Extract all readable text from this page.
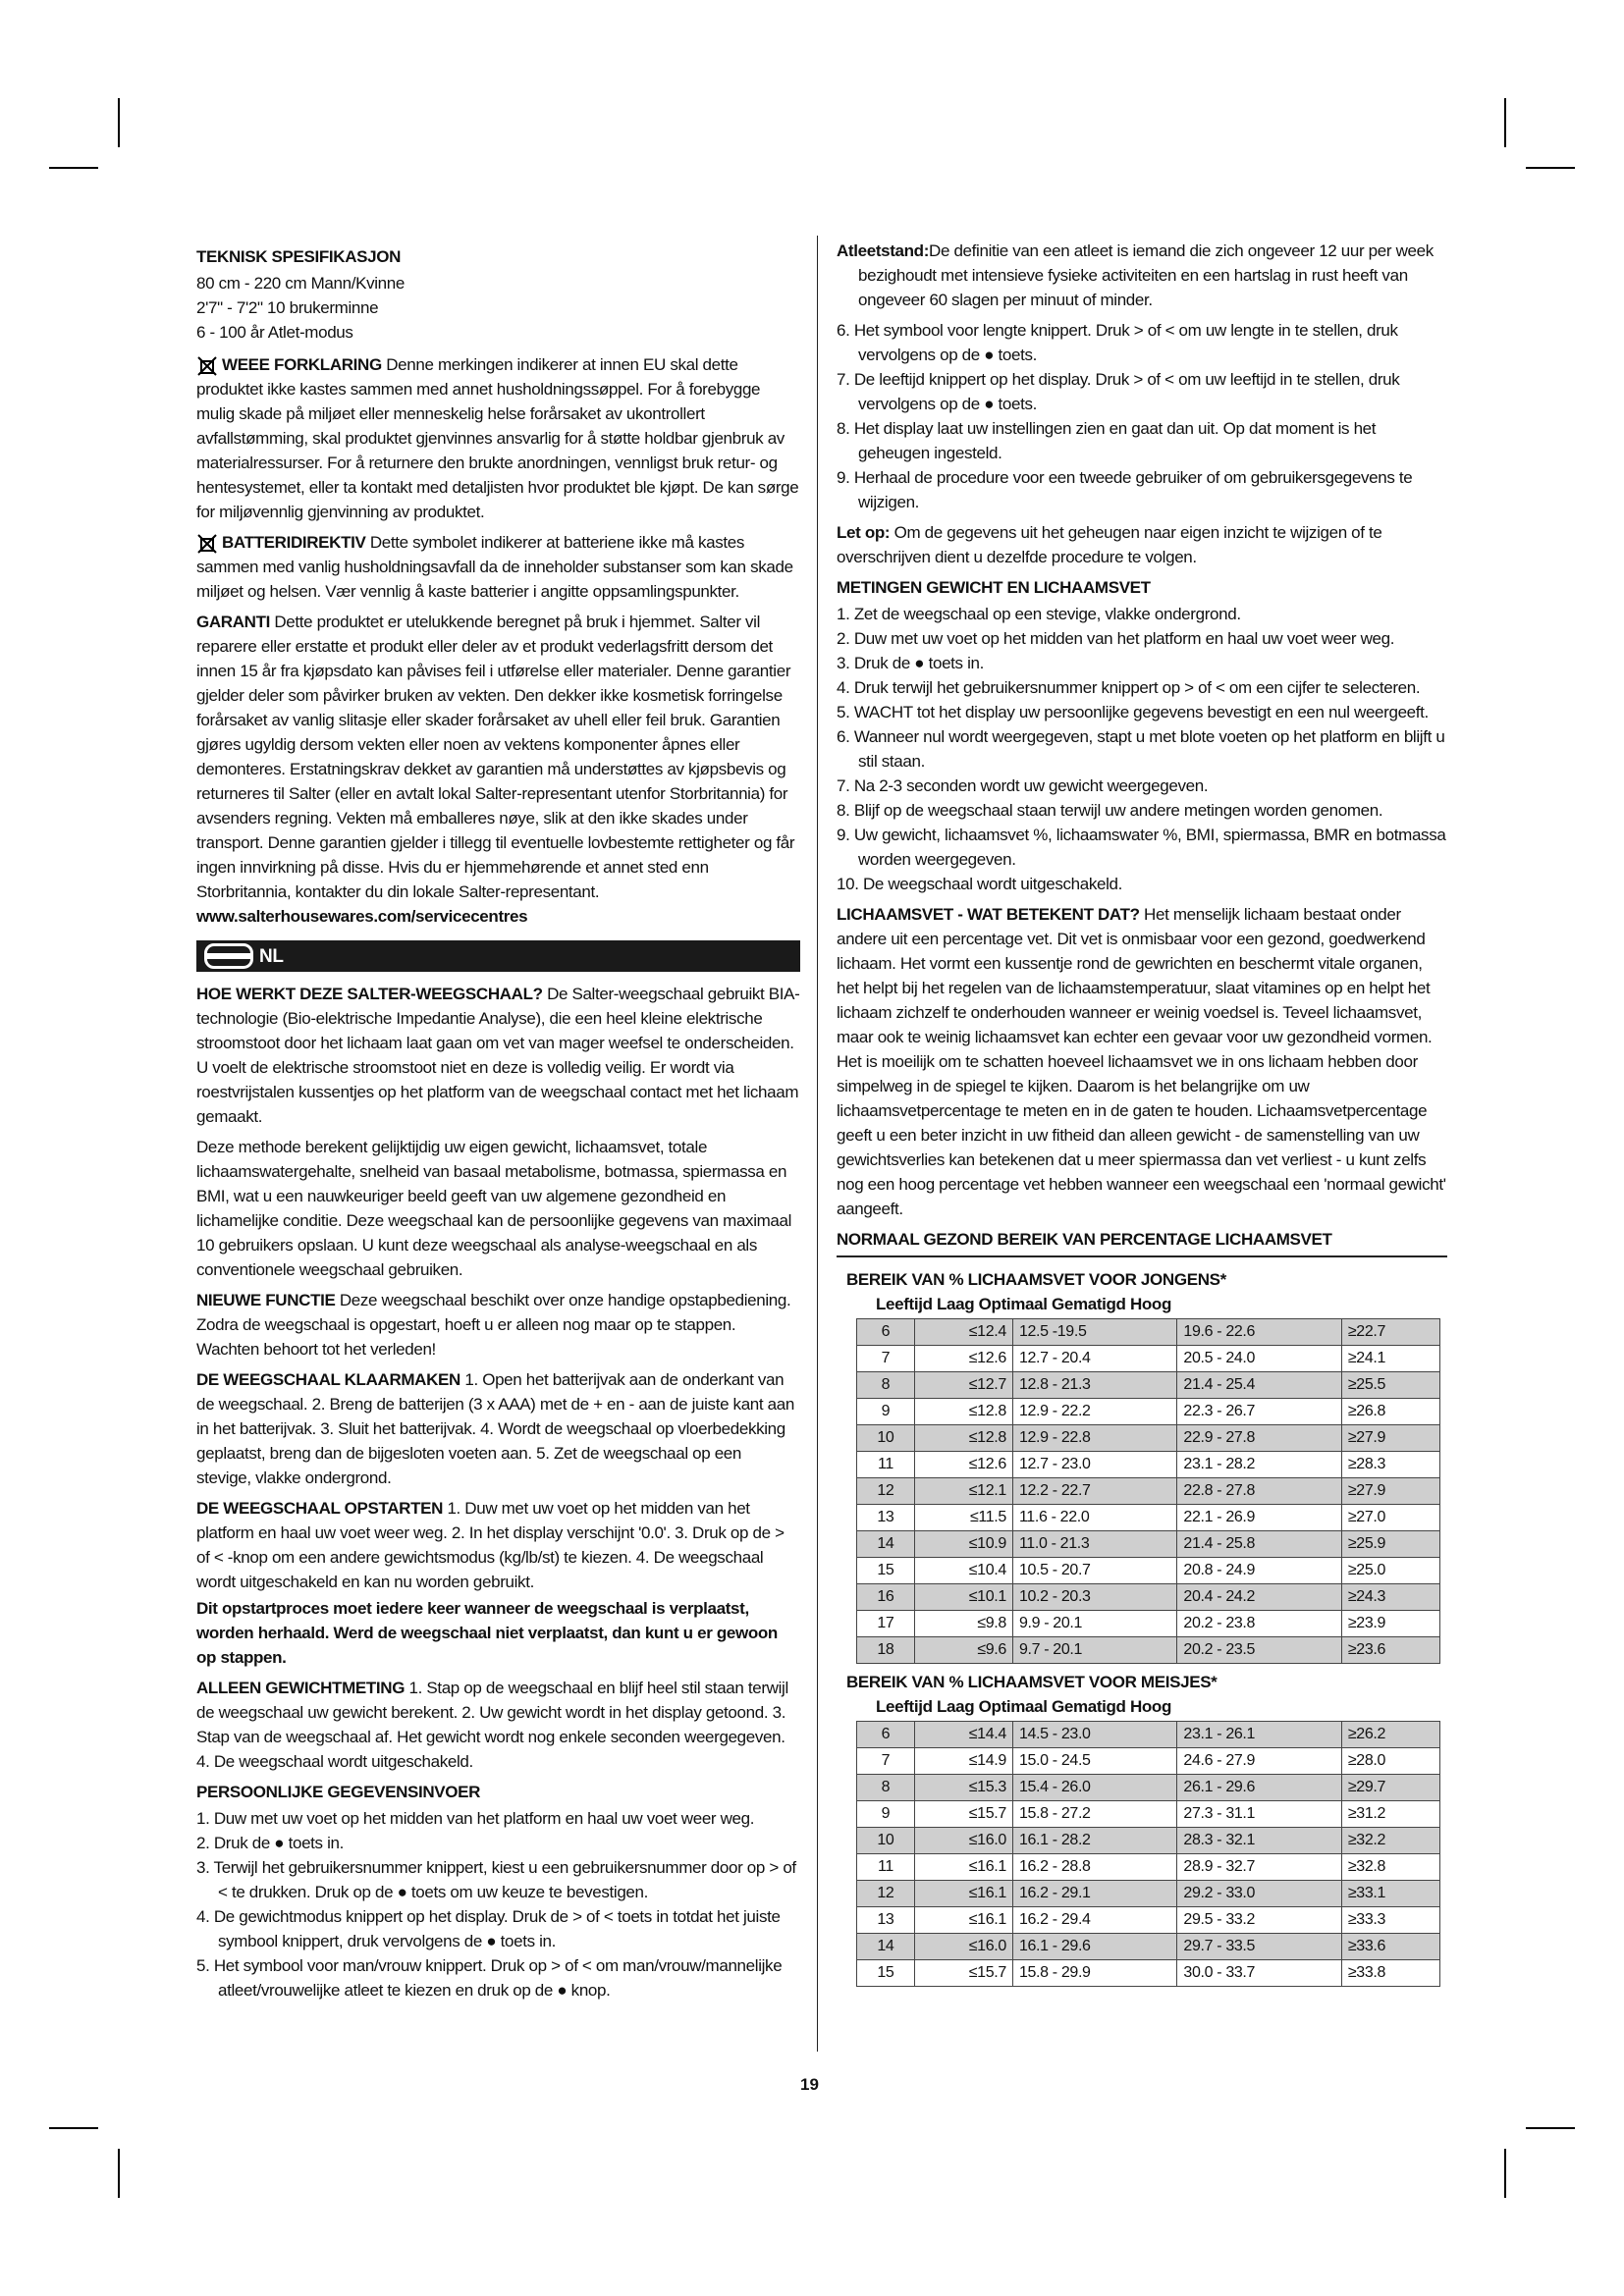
TEKNISK SPESIFIKASJON
80 cm - 220 cm Mann/Kvinne
2'7" - 7'2" 10 brukerminne
6 - 100 år Atlet-modus

WEEE FORKLARING Denne merkingen indikerer at innen EU skal dette produktet ikke kastes sammen med annet husholdningssøppel. For å forebygge mulig skade på miljøet eller menneskelig helse forårsaket av ukontrollert avfallstømming, skal produktet gjenvinnes ansvarlig for å støtte holdbar gjenbruk av materialressurser. For å returnere den brukte anordningen, vennligst bruk retur- og hentesystemet, eller ta kontakt med detaljisten hvor produktet ble kjøpt. De kan sørge for miljøvennlig gjenvinning av produktet.

BATTERIDIREKTIV Dette symbolet indikerer at batteriene ikke må kastes sammen med vanlig husholdningsavfall da de inneholder substanser som kan skade miljøet og helsen. Vær vennlig å kaste batterier i angitte oppsamlingspunkter.

GARANTI Dette produktet er utelukkende beregnet på bruk i hjemmet. Salter vil reparere eller erstatte et produkt eller deler av et produkt vederlagsfritt dersom det innen 15 år fra kjøpsdato kan påvises feil i utførelse eller materialer. Denne garantier gjelder deler som påvirker bruken av vekten. Den dekker ikke kosmetisk forringelse forårsaket av vanlig slitasje eller skader forårsaket av uhell eller feil bruk. Garantien gjøres ugyldig dersom vekten eller noen av vektens komponenter åpnes eller demonteres. Erstatningskrav dekket av garantien må understøttes av kjøpsbevis og returneres til Salter (eller en avtalt lokal Salter-representant utenfor Storbritannia) for avsenders regning. Vekten må emballeres nøye, slik at den ikke skades under transport. Denne garantien gjelder i tillegg til eventuelle lovbestemte rettigheter og får ingen innvirkning på disse. Hvis du er hjemmehørende et annet sted enn Storbritannia, kontakter du din lokale Salter-representant.
www.salterhousewares.com/servicecentres

NL

HOE WERKT DEZE SALTER-WEEGSCHAAL? De Salter-weegschaal gebruikt BIA-technologie (Bio-elektrische Impedantie Analyse), die een heel kleine elektrische stroomstoot door het lichaam laat gaan om vet van mager weefsel te onderscheiden. U voelt de elektrische stroomstoot niet en deze is volledig veilig. Er wordt via roestvrijstalen kussentjes op het platform van de weegschaal contact met het lichaam gemaakt.

Deze methode berekent gelijktijdig uw eigen gewicht, lichaamsvet, totale lichaamswatergehalte, snelheid van basaal metabolisme, botmassa, spiermassa en BMI, wat u een nauwkeuriger beeld geeft van uw algemene gezondheid en lichamelijke conditie. Deze weegschaal kan de persoonlijke gegevens van maximaal 10 gebruikers opslaan. U kunt deze weegschaal als analyse-weegschaal en als conventionele weegschaal gebruiken.

NIEUWE FUNCTIE Deze weegschaal beschikt over onze handige opstapbediening. Zodra de weegschaal is opgestart, hoeft u er alleen nog maar op te stappen. Wachten behoort tot het verleden!

DE WEEGSCHAAL KLAARMAKEN 1. Open het batterijvak aan de onderkant van de weegschaal. 2. Breng de batterijen (3 x AAA) met de + en - aan de juiste kant aan in het batterijvak. 3. Sluit het batterijvak. 4. Wordt de weegschaal op vloerbedekking geplaatst, breng dan de bijgesloten voeten aan. 5. Zet de weegschaal op een stevige, vlakke ondergrond.

DE WEEGSCHAAL OPSTARTEN 1. Duw met uw voet op het midden van het platform en haal uw voet weer weg. 2. In het display verschijnt '0.0'. 3. Druk op de > of < -knop om een andere gewichtsmodus (kg/lb/st) te kiezen. 4. De weegschaal wordt uitgeschakeld en kan nu worden gebruikt.

Dit opstartproces moet iedere keer wanneer de weegschaal is verplaatst, worden herhaald. Werd de weegschaal niet verplaatst, dan kunt u er gewoon op stappen.

ALLEEN GEWICHTMETING 1. Stap op de weegschaal en blijf heel stil staan terwijl de weegschaal uw gewicht berekent. 2. Uw gewicht wordt in het display getoond. 3. Stap van de weegschaal af. Het gewicht wordt nog enkele seconden weergegeven. 4. De weegschaal wordt uitgeschakeld.

PERSOONLIJKE GEGEVENSINVOER
1. Duw met uw voet op het midden van het platform en haal uw voet weer weg.
2. Druk de ● toets in.
3. Terwijl het gebruikersnummer knippert, kiest u een gebruikersnummer door op > of < te drukken. Druk op de ● toets om uw keuze te bevestigen.
4. De gewichtmodus knippert op het display. Druk de > of < toets in totdat het juiste symbool knippert, druk vervolgens de ● toets in.
5. Het symbool voor man/vrouw knippert. Druk op > of < om man/vrouw/mannelijke atleet/vrouwelijke atleet te kiezen en druk op de ● knop.

Atleetstand:De definitie van een atleet is iemand die zich ongeveer 12 uur per week bezighoudt met intensieve fysieke activiteiten en een hartslag in rust heeft van ongeveer 60 slagen per minuut of minder.

6. Het symbool voor lengte knippert. Druk > of < om uw lengte in te stellen, druk vervolgens op de ● toets.
7. De leeftijd knippert op het display. Druk > of < om uw leeftijd in te stellen, druk vervolgens op de ● toets.
8. Het display laat uw instellingen zien en gaat dan uit. Op dat moment is het geheugen ingesteld.
9. Herhaal de procedure voor een tweede gebruiker of om gebruikersgegevens te wijzigen.

Let op: Om de gegevens uit het geheugen naar eigen inzicht te wijzigen of te overschrijven dient u dezelfde procedure te volgen.

METINGEN GEWICHT EN LICHAAMSVET
1. Zet de weegschaal op een stevige, vlakke ondergrond.
2. Duw met uw voet op het midden van het platform en haal uw voet weer weg.
3. Druk de ● toets in.
4. Druk terwijl het gebruikersnummer knippert op > of < om een cijfer te selecteren.
5. WACHT tot het display uw persoonlijke gegevens bevestigt en een nul weergeeft.
6. Wanneer nul wordt weergegeven, stapt u met blote voeten op het platform en blijft u stil staan.
7. Na 2-3 seconden wordt uw gewicht weergegeven.
8. Blijf op de weegschaal staan terwijl uw andere metingen worden genomen.
9. Uw gewicht, lichaamsvet %, lichaamswater %, BMI, spiermassa, BMR en botmassa worden weergegeven.
10. De weegschaal wordt uitgeschakeld.

LICHAAMSVET - WAT BETEKENT DAT? Het menselijk lichaam bestaat onder andere uit een percentage vet. Dit vet is onmisbaar voor een gezond, goedwerkend lichaam. Het vormt een kussentje rond de gewrichten en beschermt vitale organen, het helpt bij het regelen van de lichaamstemperatuur, slaat vitamines op en helpt het lichaam zichzelf te onderhouden wanneer er weinig voedsel is. Teveel lichaamsvet, maar ook te weinig lichaamsvet kan echter een gevaar voor uw gezondheid vormen. Het is moeilijk om te schatten hoeveel lichaamsvet we in ons lichaam hebben door simpelweg in de spiegel te kijken. Daarom is het belangrijke om uw lichaamsvetpercentage te meten en in de gaten te houden. Lichaamsvetpercentage geeft u een beter inzicht in uw fitheid dan alleen gewicht - de samenstelling van uw gewichtsverlies kan betekenen dat u meer spiermassa dan vet verliest - u kunt zelfs nog een hoog percentage vet hebben wanneer een weegschaal een 'normaal gewicht' aangeeft.

NORMAAL GEZOND BEREIK VAN PERCENTAGE LICHAAMSVET
BEREIK VAN % LICHAAMSVET VOOR JONGENS*
Leeftijd Laag Optimaal Gematigd Hoog
6	≤12.4	12.5 -19.5	19.6 - 22.6	≥22.7
7	≤12.6	12.7 - 20.4	20.5 - 24.0	≥24.1
8	≤12.7	12.8 - 21.3	21.4 - 25.4	≥25.5
9	≤12.8	12.9 - 22.2	22.3 - 26.7	≥26.8
10	≤12.8	12.9 - 22.8	22.9 - 27.8	≥27.9
11	≤12.6	12.7 - 23.0	23.1 - 28.2	≥28.3
12	≤12.1	12.2 - 22.7	22.8 - 27.8	≥27.9
13	≤11.5	11.6 - 22.0	22.1 - 26.9	≥27.0
14	≤10.9	11.0 - 21.3	21.4 - 25.8	≥25.9
15	≤10.4	10.5 - 20.7	20.8 - 24.9	≥25.0
16	≤10.1	10.2 - 20.3	20.4 - 24.2	≥24.3
17	≤9.8	9.9 - 20.1	20.2 - 23.8	≥23.9
18	≤9.6	9.7 - 20.1	20.2 - 23.5	≥23.6
BEREIK VAN % LICHAAMSVET VOOR MEISJES*
Leeftijd Laag Optimaal Gematigd Hoog
6	≤14.4	14.5 - 23.0	23.1 - 26.1	≥26.2
7	≤14.9	15.0 - 24.5	24.6 - 27.9	≥28.0
8	≤15.3	15.4 - 26.0	26.1 - 29.6	≥29.7
9	≤15.7	15.8 - 27.2	27.3 - 31.1	≥31.2
10	≤16.0	16.1 - 28.2	28.3 - 32.1	≥32.2
11	≤16.1	16.2 - 28.8	28.9 - 32.7	≥32.8
12	≤16.1	16.2 - 29.1	29.2 - 33.0	≥33.1
13	≤16.1	16.2 - 29.4	29.5 - 33.2	≥33.3
14	≤16.0	16.1 - 29.6	29.7 - 33.5	≥33.6
15	≤15.7	15.8 - 29.9	30.0 - 33.7	≥33.8
19
